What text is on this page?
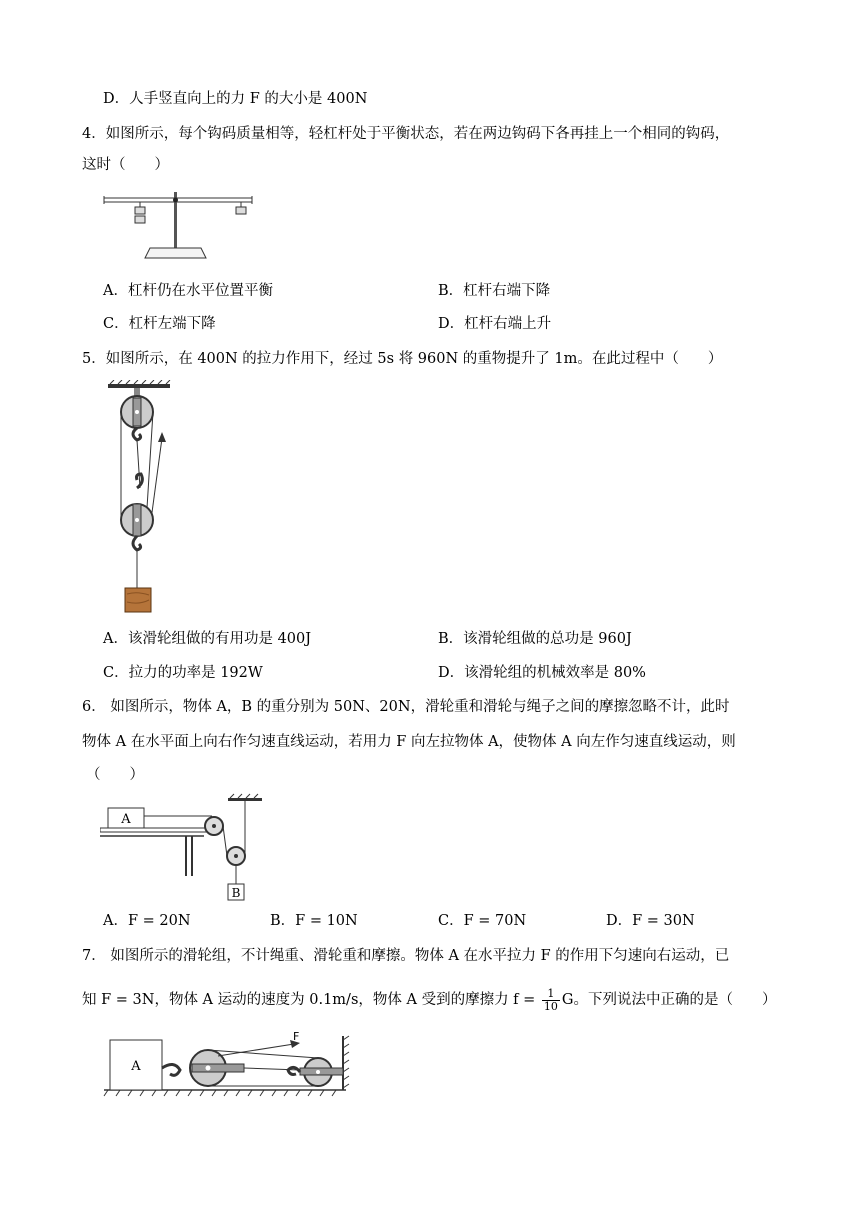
D．人手竖直向上的力 F 的大小是 400N
4．如图所示，每个钩码质量相等，轻杠杆处于平衡状态，若在两边钩码下各再挂上一个相同的钩码，
这时（　　）
A．杠杆仍在水平位置平衡	B．杠杆右端下降
C．杠杆左端下降	D．杠杆右端上升
5．如图所示，在 400N 的拉力作用下，经过 5s 将 960N 的重物提升了 1m。在此过程中（　　）
A．该滑轮组做的有用功是 400J	B．该滑轮组做的总功是 960J
C．拉力的功率是 192W	D．该滑轮组的机械效率是 80%
6． 如图所示，物体 A，B 的重分别为 50N、20N，滑轮重和滑轮与绳子之间的摩擦忽略不计，此时
物体 A 在水平面上向右作匀速直线运动，若用力 F 向左拉物体 A，使物体 A 向左作匀速直线运动，则
（　　）
A
B
A．F = 20N	B．F = 10N	C．F = 70N	D．F = 30N
7． 如图所示的滑轮组，不计绳重、滑轮重和摩擦。物体 A 在水平拉力 F 的作用下匀速向右运动，已
知 F = 3N，物体 A 运动的速度为 0.1m/s，物体 A 受到的摩擦力 $f = \frac{1}{10}$ G。下列说法中正确的是（　　）
A
F
